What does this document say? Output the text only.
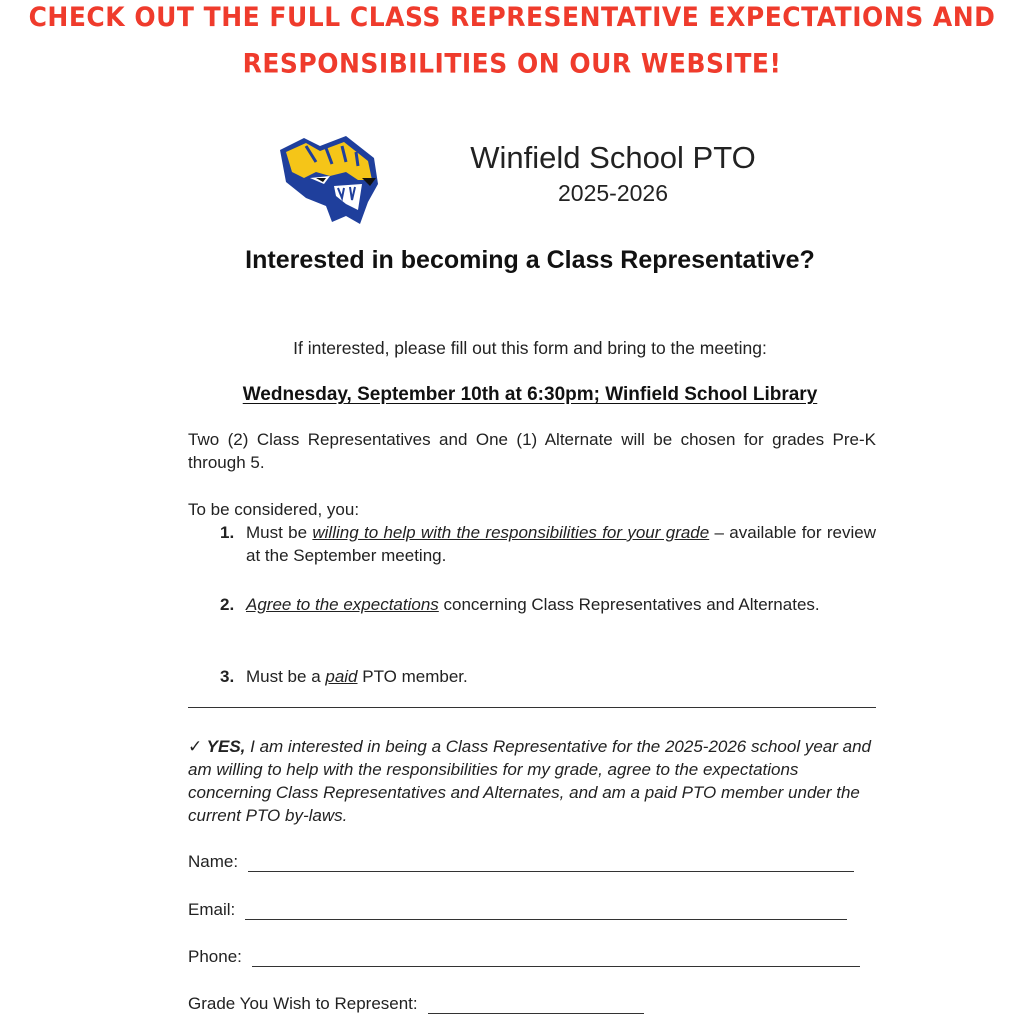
CHECK OUT THE FULL CLASS REPRESENTATIVE EXPECTATIONS AND
RESPONSIBILITIES ON OUR WEBSITE!
Winfield School PTO
2025-2026
Interested in becoming a Class Representative?
If interested, please fill out this form and bring to the meeting:
Wednesday, September 10th at 6:30pm; Winfield School Library
Two (2) Class Representatives and One (1) Alternate will be chosen for grades Pre-K through 5.
To be considered, you:
1. Must be willing to help with the responsibilities for your grade – available for review at the September meeting.
2. Agree to the expectations concerning Class Representatives and Alternates.
3. Must be a paid PTO member.
✓ YES, I am interested in being a Class Representative for the 2025-2026 school year and am willing to help with the responsibilities for my grade, agree to the expectations concerning Class Representatives and Alternates, and am a paid PTO member under the current PTO by-laws.
Name:
Email:
Phone:
Grade You Wish to Represent:
